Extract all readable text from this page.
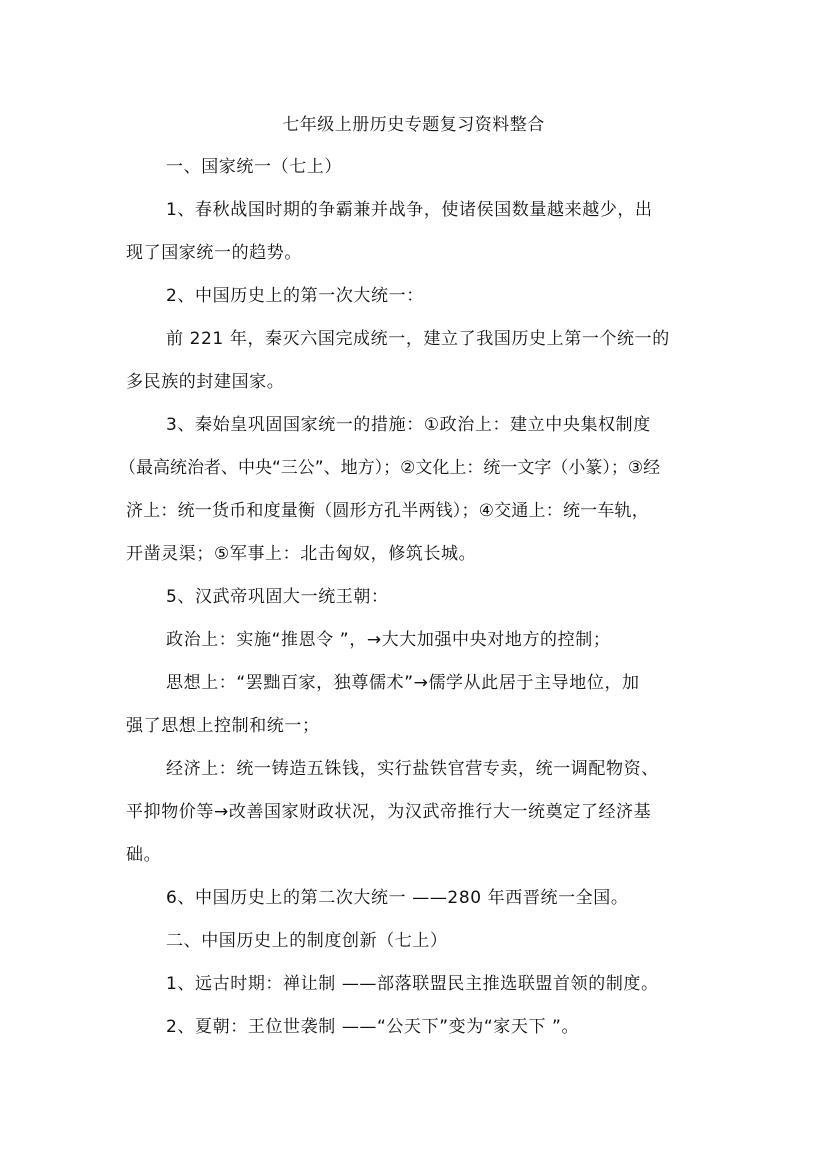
七年级上册历史专题复习资料整合
一、国家统一（七上）
1、春秋战国时期的争霸兼并战争，使诸侯国数量越来越少，出
现了国家统一的趋势。
2、中国历史上的第一次大统一：
前 221 年，秦灭六国完成统一，建立了我国历史上第一个统一的
多民族的封建国家。
3、秦始皇巩固国家统一的措施：①政治上：建立中央集权制度
（最高统治者、中央“三公”、地方）；②文化上：统一文字（小篆）；③经
济上：统一货币和度量衡（圆形方孔半两钱）；④交通上：统一车轨，
开凿灵渠；⑤军事上：北击匈奴，修筑长城。
5、汉武帝巩固大一统王朝：
政治上：实施“推恩令 ”，→大大加强中央对地方的控制；
思想上：“罢黜百家，独尊儒术”→儒学从此居于主导地位，加
强了思想上控制和统一；
经济上：统一铸造五铢钱，实行盐铁官营专卖，统一调配物资、
平抑物价等→改善国家财政状况，为汉武帝推行大一统奠定了经济基
础。
6、中国历史上的第二次大统一 ——280 年西晋统一全国。
二、中国历史上的制度创新（七上）
1、远古时期：禅让制 ——部落联盟民主推选联盟首领的制度。
2、夏朝：王位世袭制 ——“公天下”变为“家天下 ”。
